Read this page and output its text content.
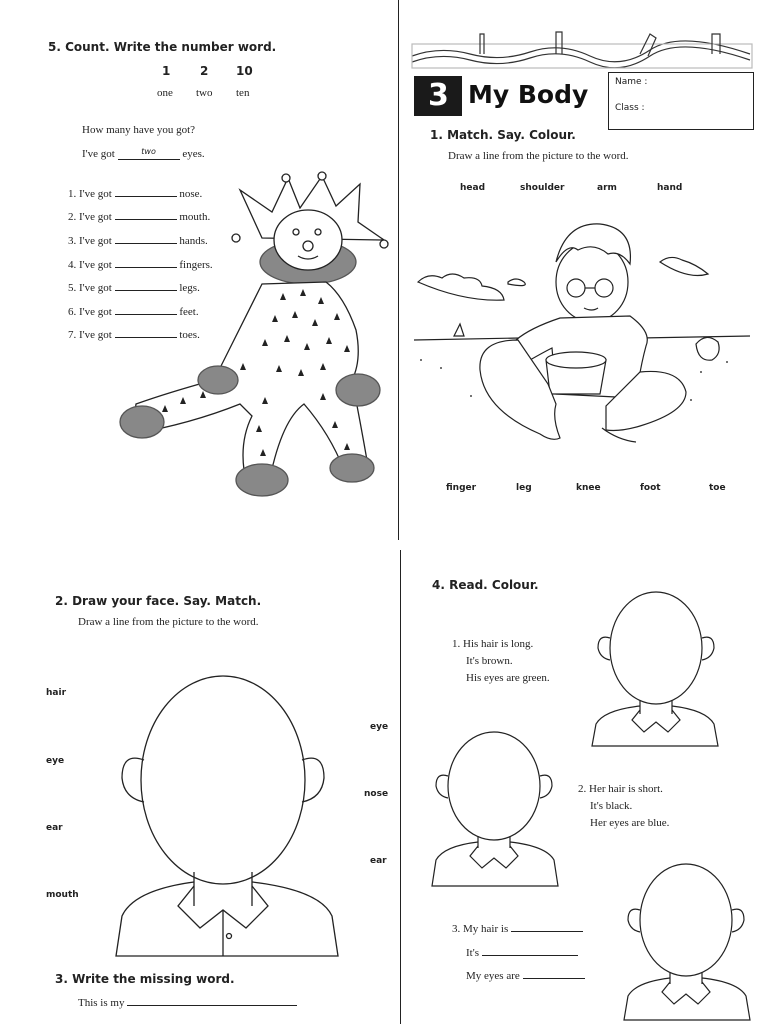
5. Count. Write the number word.
1 2 10
one two ten
How many have you got?
I've got	two eyes.
1. I've got	nose.
2. I've got	mouth.
3. I've got	hands.
4. I've got	fingers.
5. I've got	legs.
6. I've got	feet.
7. I've got	toes.
3 My Body	Name :
Class :
1. Match. Say. Colour.
Draw a line from the picture to the word.
head	shoulder	arm	hand
finger	leg	knee	foot	toe
2. Draw your face. Say. Match.
Draw a line from the picture to the word.
hair
eye
ear
mouth
eye
nose
ear
3. Write the missing word.
This is my
4. Read. Colour.
1. His hair is long.
It's brown.
His eyes are green.
2. Her hair is short.
It's black.
Her eyes are blue.
3. My hair is
It's
My eyes are
